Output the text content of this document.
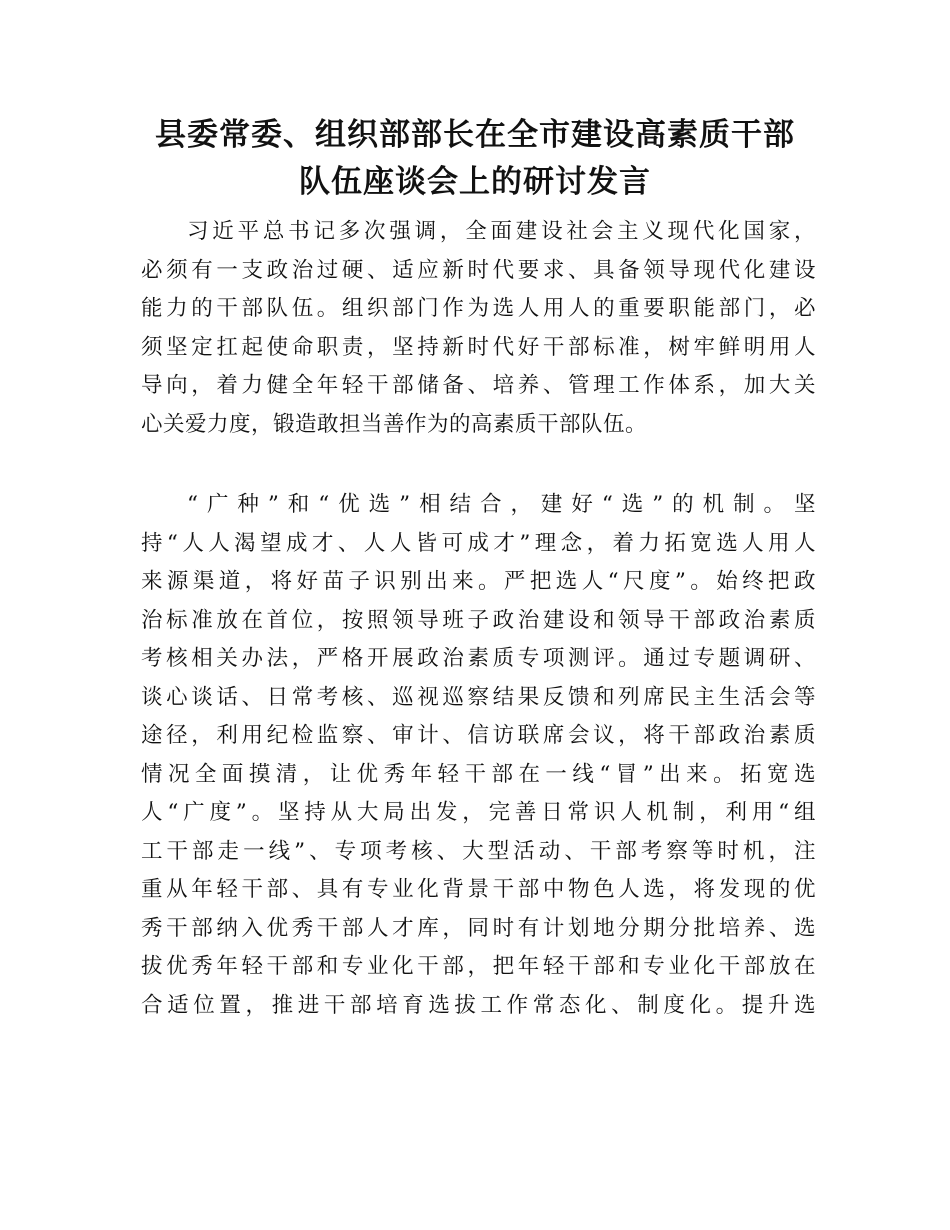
县委常委、组织部部长在全市建设高素质干部
队伍座谈会上的研讨发言
习近平总书记多次强调，全面建设社会主义现代化国家，
必须有一支政治过硬、适应新时代要求、具备领导现代化建设
能力的干部队伍。组织部门作为选人用人的重要职能部门，必
须坚定扛起使命职责，坚持新时代好干部标准，树牢鲜明用人
导向，着力健全年轻干部储备、培养、管理工作体系，加大关
心关爱力度，锻造敢担当善作为的高素质干部队伍。
“广种”和“优选”相结合，建好“选”的机制。坚
持“人人渴望成才、人人皆可成才”理念，着力拓宽选人用人
来源渠道，将好苗子识别出来。严把选人“尺度”。始终把政
治标准放在首位，按照领导班子政治建设和领导干部政治素质
考核相关办法，严格开展政治素质专项测评。通过专题调研、
谈心谈话、日常考核、巡视巡察结果反馈和列席民主生活会等
途径，利用纪检监察、审计、信访联席会议，将干部政治素质
情况全面摸清，让优秀年轻干部在一线“冒”出来。拓宽选
人“广度”。坚持从大局出发，完善日常识人机制，利用“组
工干部走一线”、专项考核、大型活动、干部考察等时机，注
重从年轻干部、具有专业化背景干部中物色人选，将发现的优
秀干部纳入优秀干部人才库，同时有计划地分期分批培养、选
拔优秀年轻干部和专业化干部，把年轻干部和专业化干部放在
合适位置，推进干部培育选拔工作常态化、制度化。提升选
